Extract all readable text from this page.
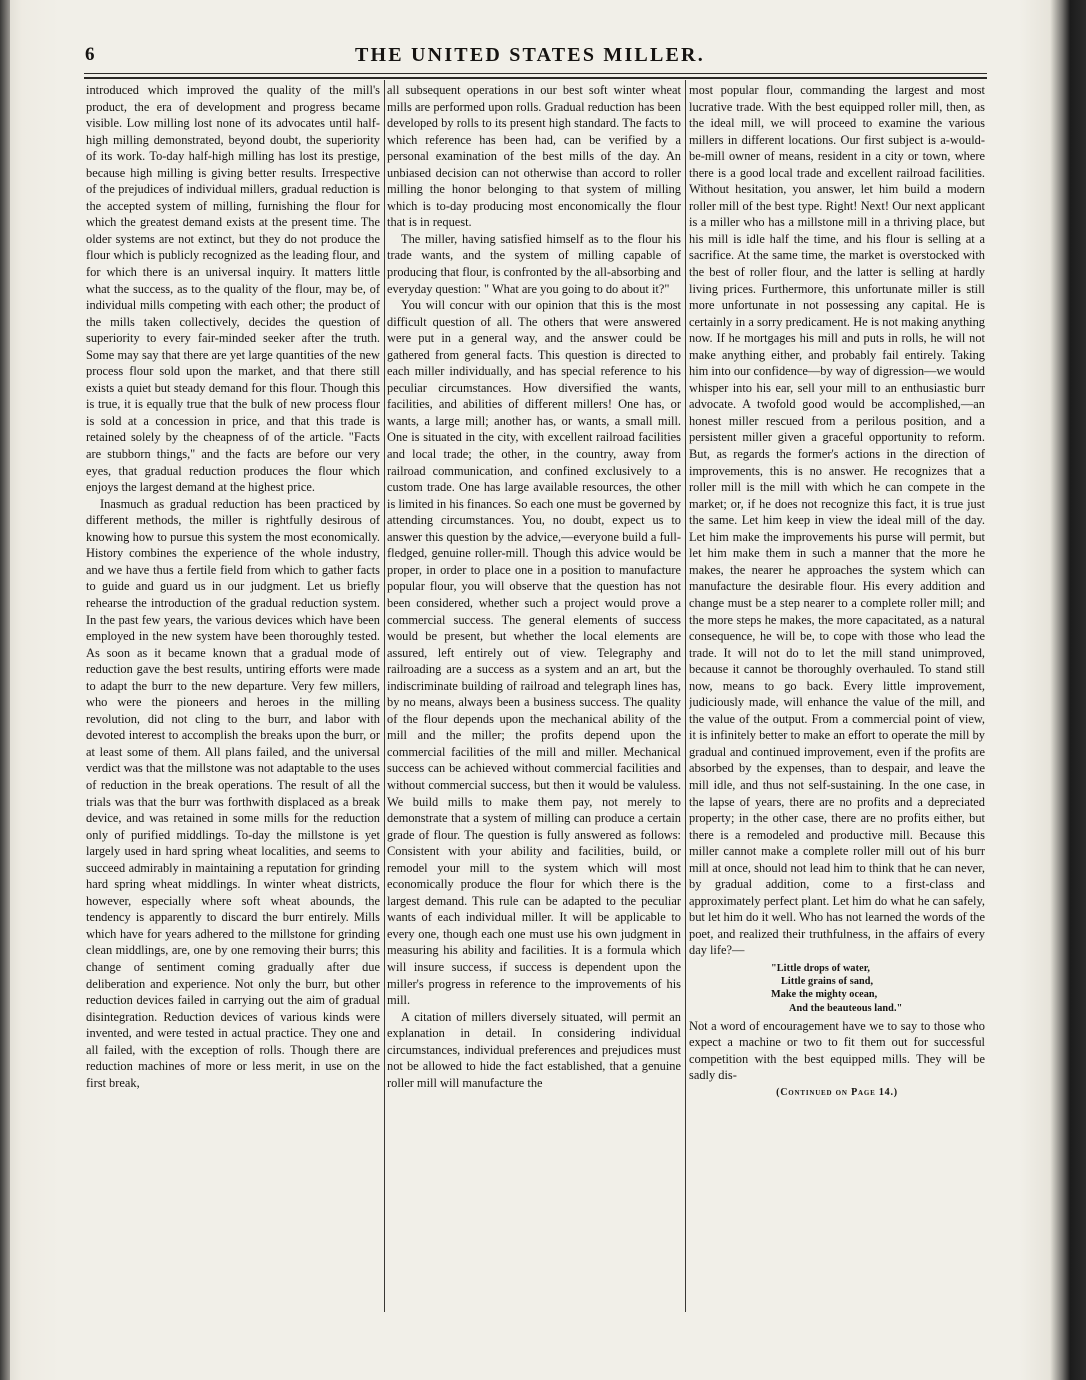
6	THE UNITED STATES MILLER.

introduced which improved the quality of the mill's product, the era of development and progress became visible. Low milling lost none of its advocates until half-high milling demonstrated, beyond doubt, the superiority of its work. To-day half-high milling has lost its prestige, because high milling is giving better results. Irrespective of the prejudices of individual millers, gradual reduction is the accepted system of milling, furnishing the flour for which the greatest demand exists at the present time. The older systems are not extinct, but they do not produce the flour which is publicly recognized as the leading flour, and for which there is an universal inquiry. It matters little what the success, as to the quality of the flour, may be, of individual mills competing with each other; the product of the mills taken collectively, decides the question of superiority to every fair-minded seeker after the truth. Some may say that there are yet large quantities of the new process flour sold upon the market, and that there still exists a quiet but steady demand for this flour. Though this is true, it is equally true that the bulk of new process flour is sold at a concession in price, and that this trade is retained solely by the cheapness of of the article. "Facts are stubborn things," and the facts are before our very eyes, that gradual reduction produces the flour which enjoys the largest demand at the highest price.

Inasmuch as gradual reduction has been practiced by different methods, the miller is rightfully desirous of knowing how to pursue this system the most economically. History combines the experience of the whole industry, and we have thus a fertile field from which to gather facts to guide and guard us in our judgment. Let us briefly rehearse the introduction of the gradual reduction system. In the past few years, the various devices which have been employed in the new system have been thoroughly tested. As soon as it became known that a gradual mode of reduction gave the best results, untiring efforts were made to adapt the burr to the new departure. Very few millers, who were the pioneers and heroes in the milling revolution, did not cling to the burr, and labor with devoted interest to accomplish the breaks upon the burr, or at least some of them. All plans failed, and the universal verdict was that the millstone was not adaptable to the uses of reduction in the break operations. The result of all the trials was that the burr was forthwith displaced as a break device, and was retained in some mills for the reduction only of purified middlings. To-day the millstone is yet largely used in hard spring wheat localities, and seems to succeed admirably in maintaining a reputation for grinding hard spring wheat middlings. In winter wheat districts, however, especially where soft wheat abounds, the tendency is apparently to discard the burr entirely. Mills which have for years adhered to the millstone for grinding clean middlings, are, one by one removing their burrs; this change of sentiment coming gradually after due deliberation and experience. Not only the burr, but other reduction devices failed in carrying out the aim of gradual disintegration. Reduction devices of various kinds were invented, and were tested in actual practice. They one and all failed, with the exception of rolls. Though there are reduction machines of more or less merit, in use on the first break,

all subsequent operations in our best soft winter wheat mills are performed upon rolls. Gradual reduction has been developed by rolls to its present high standard. The facts to which reference has been had, can be verified by a personal examination of the best mills of the day. An unbiased decision can not otherwise than accord to roller milling the honor belonging to that system of milling which is to-day producing most enconomically the flour that is in request.

The miller, having satisfied himself as to the flour his trade wants, and the system of milling capable of producing that flour, is confronted by the all-absorbing and everyday question: " What are you going to do about it?"

You will concur with our opinion that this is the most difficult question of all. The others that were answered were put in a general way, and the answer could be gathered from general facts. This question is directed to each miller individually, and has special reference to his peculiar circumstances. How diversified the wants, facilities, and abilities of different millers! One has, or wants, a large mill; another has, or wants, a small mill. One is situated in the city, with excellent railroad facilities and local trade; the other, in the country, away from railroad communication, and confined exclusively to a custom trade. One has large available resources, the other is limited in his finances. So each one must be governed by attending circumstances. You, no doubt, expect us to answer this question by the advice,—everyone build a full-fledged, genuine roller-mill. Though this advice would be proper, in order to place one in a position to manufacture popular flour, you will observe that the question has not been considered, whether such a project would prove a commercial success. The general elements of success would be present, but whether the local elements are assured, left entirely out of view. Telegraphy and railroading are a success as a system and an art, but the indiscriminate building of railroad and telegraph lines has, by no means, always been a business success. The quality of the flour depends upon the mechanical ability of the mill and the miller; the profits depend upon the commercial facilities of the mill and miller. Mechanical success can be achieved without commercial facilities and without commercial success, but then it would be valuless. We build mills to make them pay, not merely to demonstrate that a system of milling can produce a certain grade of flour. The question is fully answered as follows: Consistent with your ability and facilities, build, or remodel your mill to the system which will most economically produce the flour for which there is the largest demand. This rule can be adapted to the peculiar wants of each individual miller. It will be applicable to every one, though each one must use his own judgment in measuring his ability and facilities. It is a formula which will insure success, if success is dependent upon the miller's progress in reference to the improvements of his mill.

A citation of millers diversely situated, will permit an explanation in detail. In considering individual circumstances, individual preferences and prejudices must not be allowed to hide the fact established, that a genuine roller mill will manufacture the

most popular flour, commanding the largest and most lucrative trade. With the best equipped roller mill, then, as the ideal mill, we will proceed to examine the various millers in different locations. Our first subject is a-would-be-mill owner of means, resident in a city or town, where there is a good local trade and excellent railroad facilities. Without hesitation, you answer, let him build a modern roller mill of the best type. Right! Next! Our next applicant is a miller who has a millstone mill in a thriving place, but his mill is idle half the time, and his flour is selling at a sacrifice. At the same time, the market is overstocked with the best of roller flour, and the latter is selling at hardly living prices. Furthermore, this unfortunate miller is still more unfortunate in not possessing any capital. He is certainly in a sorry predicament. He is not making anything now. If he mortgages his mill and puts in rolls, he will not make anything either, and probably fail entirely. Taking him into our confidence—by way of digression—we would whisper into his ear, sell your mill to an enthusiastic burr advocate. A twofold good would be accomplished,—an honest miller rescued from a perilous position, and a persistent miller given a graceful opportunity to reform. But, as regards the former's actions in the direction of improvements, this is no answer. He recognizes that a roller mill is the mill with which he can compete in the market; or, if he does not recognize this fact, it is true just the same. Let him keep in view the ideal mill of the day. Let him make the improvements his purse will permit, but let him make them in such a manner that the more he makes, the nearer he approaches the system which can manufacture the desirable flour. His every addition and change must be a step nearer to a complete roller mill; and the more steps he makes, the more capacitated, as a natural consequence, he will be, to cope with those who lead the trade. It will not do to let the mill stand unimproved, because it cannot be thoroughly overhauled. To stand still now, means to go back. Every little improvement, judiciously made, will enhance the value of the mill, and the value of the output. From a commercial point of view, it is infinitely better to make an effort to operate the mill by gradual and continued improvement, even if the profits are absorbed by the expenses, than to despair, and leave the mill idle, and thus not self-sustaining. In the one case, in the lapse of years, there are no profits and a depreciated property; in the other case, there are no profits either, but there is a remodeled and productive mill. Because this miller cannot make a complete roller mill out of his burr mill at once, should not lead him to think that he can never, by gradual addition, come to a first-class and approximately perfect plant. Let him do what he can safely, but let him do it well. Who has not learned the words of the poet, and realized their truthfulness, in the affairs of every day life?—

"Little drops of water,
Little grains of sand,
Make the mighty ocean,
And the beauteous land."

Not a word of encouragement have we to say to those who expect a machine or two to fit them out for successful competition with the best equipped mills. They will be sadly dis-

(Continued on Page 14.)
